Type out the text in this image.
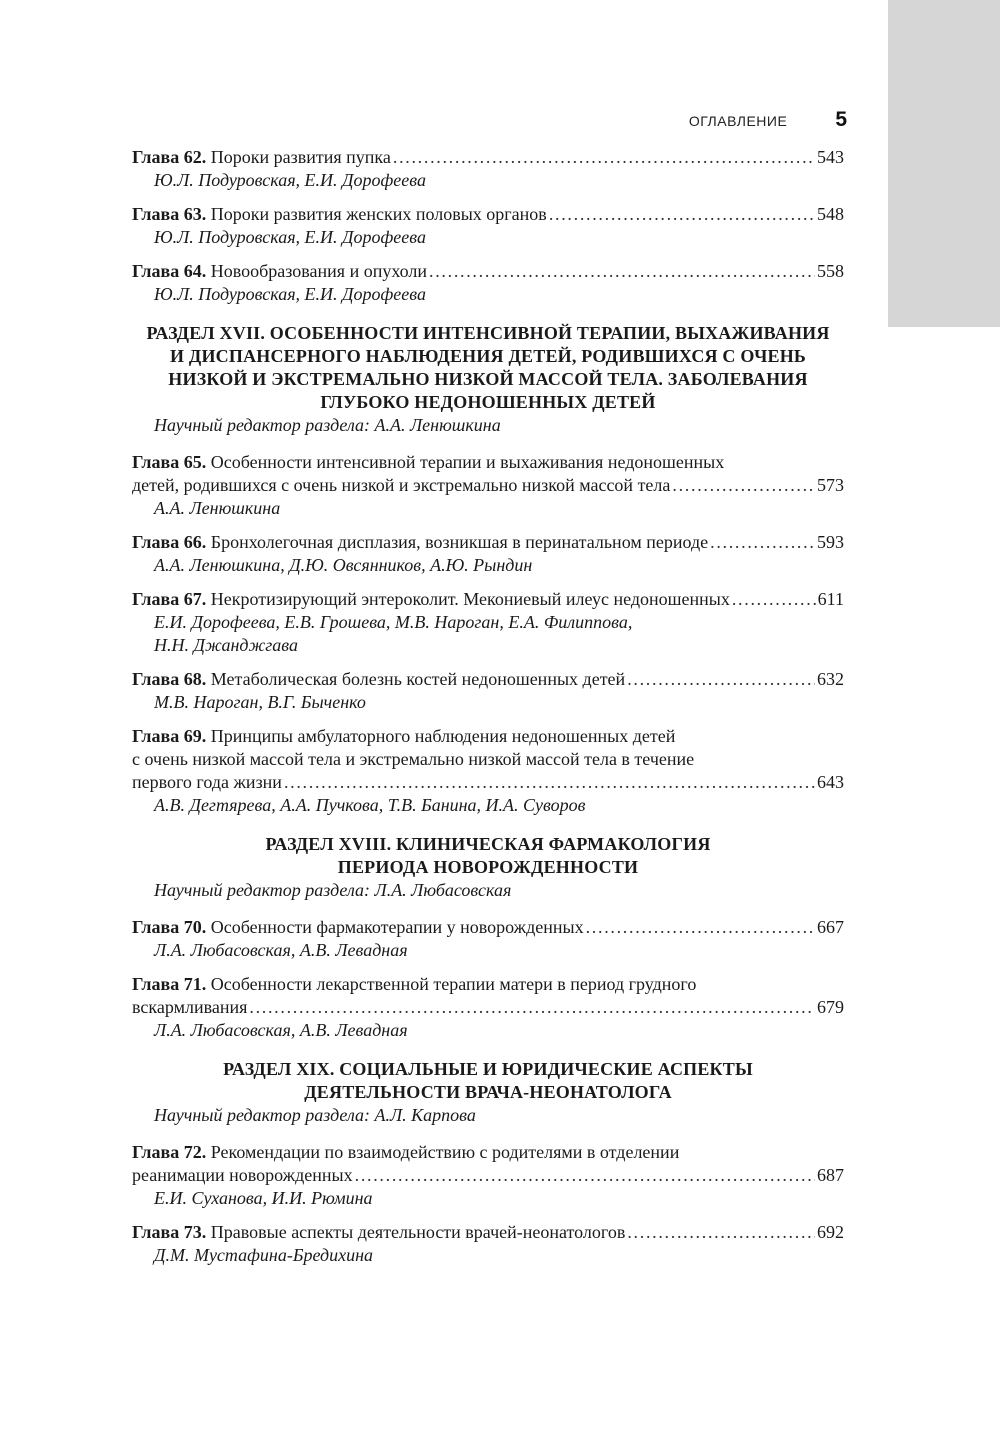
ОГЛАВЛЕНИЕ 5
Глава 62. Пороки развития пупка . . .	543
Ю.Л. Подуровская, Е.И. Дорофеева
Глава 63. Пороки развития женских половых органов . . .	548
Ю.Л. Подуровская, Е.И. Дорофеева
Глава 64. Новообразования и опухоли . . .	558
Ю.Л. Подуровская, Е.И. Дорофеева
РАЗДЕЛ XVII. ОСОБЕННОСТИ ИНТЕНСИВНОЙ ТЕРАПИИ, ВЫХАЖИВАНИЯ
И ДИСПАНСЕРНОГО НАБЛЮДЕНИЯ ДЕТЕЙ, РОДИВШИХСЯ С ОЧЕНЬ
НИЗКОЙ И ЭКСТРЕМАЛЬНО НИЗКОЙ МАССОЙ ТЕЛА. ЗАБОЛЕВАНИЯ
ГЛУБОКО НЕДОНОШЕННЫХ ДЕТЕЙ
Научный редактор раздела: А.А. Ленюшкина
Глава 65. Особенности интенсивной терапии и выхаживания недоношенных
детей, родившихся с очень низкой и экстремально низкой массой тела . . .	573
А.А. Ленюшкина
Глава 66. Бронхолегочная дисплазия, возникшая в перинатальном периоде . . .	593
А.А. Ленюшкина, Д.Ю. Овсянников, А.Ю. Рындин
Глава 67. Некротизирующий энтероколит. Мекониевый илеус недоношенных . . .	611
Е.И. Дорофеева, Е.В. Грошева, М.В. Нароган, Е.А. Филиппова,
Н.Н. Джанджгава
Глава 68. Метаболическая болезнь костей недоношенных детей . . .	632
М.В. Нароган, В.Г. Быченко
Глава 69. Принципы амбулаторного наблюдения недоношенных детей
с очень низкой массой тела и экстремально низкой массой тела в течение
первого года жизни . . .	643
А.В. Дегтярева, А.А. Пучкова, Т.В. Банина, И.А. Суворов
РАЗДЕЛ XVIII. КЛИНИЧЕСКАЯ ФАРМАКОЛОГИЯ
ПЕРИОДА НОВОРОЖДЕННОСТИ
Научный редактор раздела: Л.А. Любасовская
Глава 70. Особенности фармакотерапии у новорожденных . . .	667
Л.А. Любасовская, А.В. Левадная
Глава 71. Особенности лекарственной терапии матери в период грудного
вскармливания . . .	679
Л.А. Любасовская, А.В. Левадная
РАЗДЕЛ XIX. СОЦИАЛЬНЫЕ И ЮРИДИЧЕСКИЕ АСПЕКТЫ
ДЕЯТЕЛЬНОСТИ ВРАЧА-НЕОНАТОЛОГА
Научный редактор раздела: А.Л. Карпова
Глава 72. Рекомендации по взаимодействию с родителями в отделении
реанимации новорожденных . . .	687
Е.И. Суханова, И.И. Рюмина
Глава 73. Правовые аспекты деятельности врачей-неонатологов . . .	692
Д.М. Мустафина-Бредихина
